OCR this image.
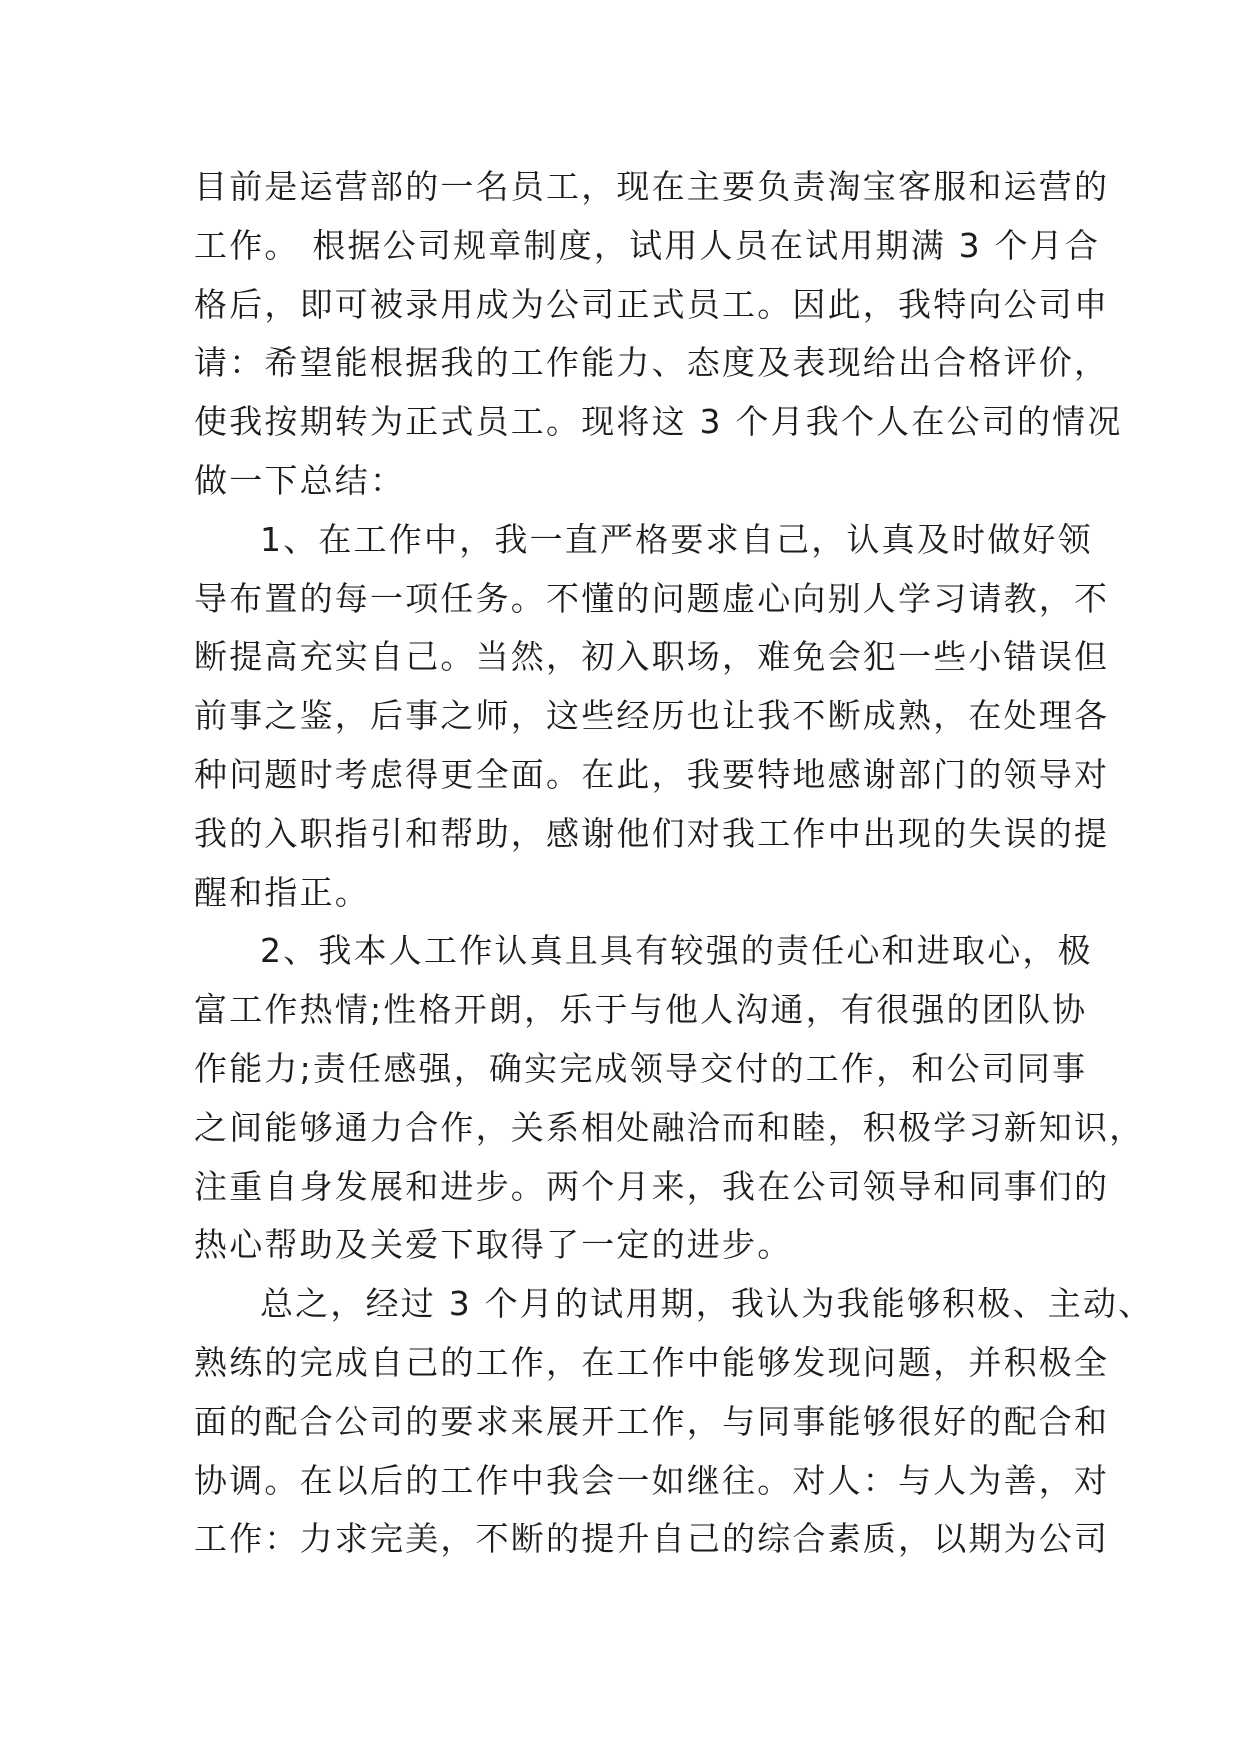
目前是运营部的一名员工，现在主要负责淘宝客服和运营的
工作。 根据公司规章制度，试用人员在试用期满 3 个月合
格后，即可被录用成为公司正式员工。因此，我特向公司申
请：希望能根据我的工作能力、态度及表现给出合格评价，
使我按期转为正式员工。现将这 3 个月我个人在公司的情况
做一下总结：
1、在工作中，我一直严格要求自己，认真及时做好领
导布置的每一项任务。不懂的问题虚心向别人学习请教，不
断提高充实自己。当然，初入职场，难免会犯一些小错误但
前事之鉴，后事之师，这些经历也让我不断成熟，在处理各
种问题时考虑得更全面。在此，我要特地感谢部门的领导对
我的入职指引和帮助，感谢他们对我工作中出现的失误的提
醒和指正。
2、我本人工作认真且具有较强的责任心和进取心，极
富工作热情;性格开朗，乐于与他人沟通，有很强的团队协
作能力;责任感强，确实完成领导交付的工作，和公司同事
之间能够通力合作，关系相处融洽而和睦，积极学习新知识，
注重自身发展和进步。两个月来，我在公司领导和同事们的
热心帮助及关爱下取得了一定的进步。
总之，经过 3 个月的试用期，我认为我能够积极、主动、
熟练的完成自己的工作，在工作中能够发现问题，并积极全
面的配合公司的要求来展开工作，与同事能够很好的配合和
协调。在以后的工作中我会一如继往。对人：与人为善，对
工作：力求完美，不断的提升自己的综合素质，以期为公司
